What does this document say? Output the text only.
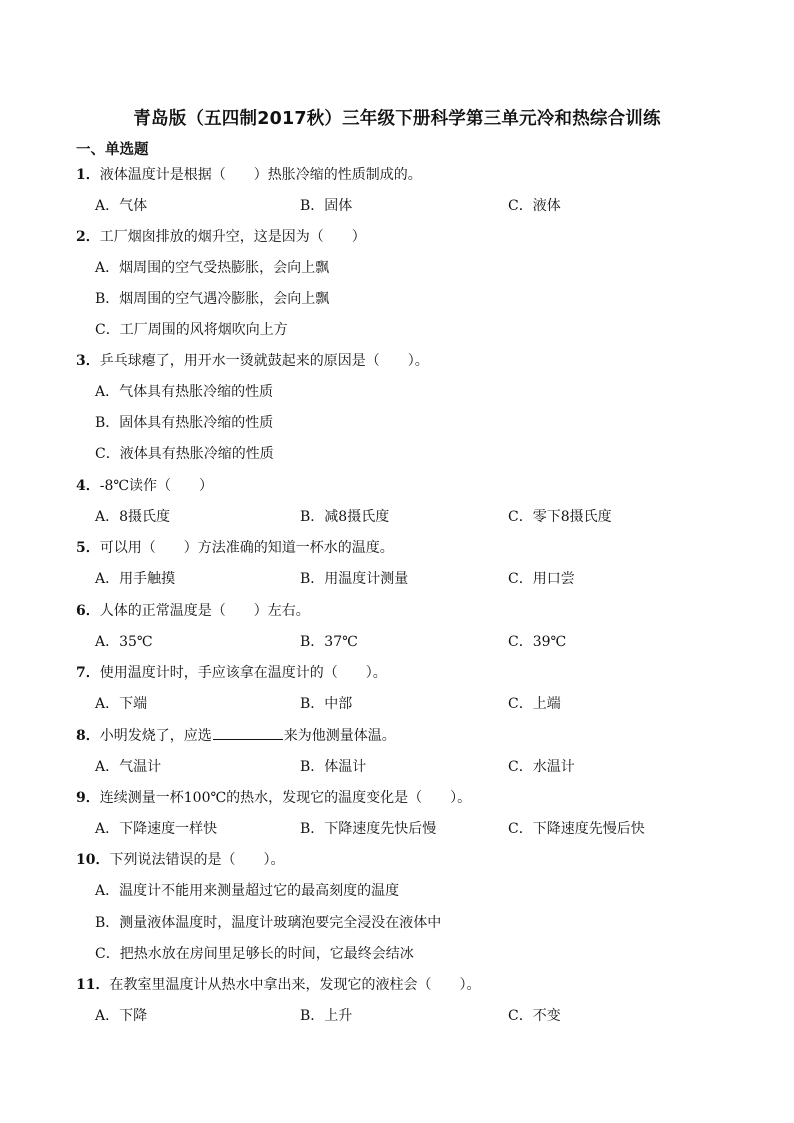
青岛版（五四制2017秋）三年级下册科学第三单元冷和热综合训练
一、单选题
1．液体温度计是根据（　　）热胀冷缩的性质制成的。
A．气体	B．固体	C．液体
2．工厂烟囱排放的烟升空，这是因为（　　）
A．烟周围的空气受热膨胀，会向上飘
B．烟周围的空气遇冷膨胀，会向上飘
C．工厂周围的风将烟吹向上方
3．乒乓球瘪了，用开水一烫就鼓起来的原因是（　　）。
A．气体具有热胀冷缩的性质
B．固体具有热胀冷缩的性质
C．液体具有热胀冷缩的性质
4．-8℃读作（　　）
A．8摄氏度	B．减8摄氏度	C．零下8摄氏度
5．可以用（　　）方法准确的知道一杯水的温度。
A．用手触摸	B．用温度计测量	C．用口尝
6．人体的正常温度是（　　）左右。
A．35℃	B．37℃	C．39℃
7．使用温度计时，手应该拿在温度计的（　　）。
A．下端	B．中部	C．上端
8．小明发烧了，应选	来为他测量体温。
A．气温计	B．体温计	C．水温计
9．连续测量一杯100℃的热水，发现它的温度变化是（　　）。
A．下降速度一样快	B．下降速度先快后慢	C．下降速度先慢后快
10．下列说法错误的是（　　）。
A．温度计不能用来测量超过它的最高刻度的温度
B．测量液体温度时，温度计玻璃泡要完全浸没在液体中
C．把热水放在房间里足够长的时间，它最终会结冰
11．在教室里温度计从热水中拿出来，发现它的液柱会（　　）。
A．下降	B．上升	C．不变
